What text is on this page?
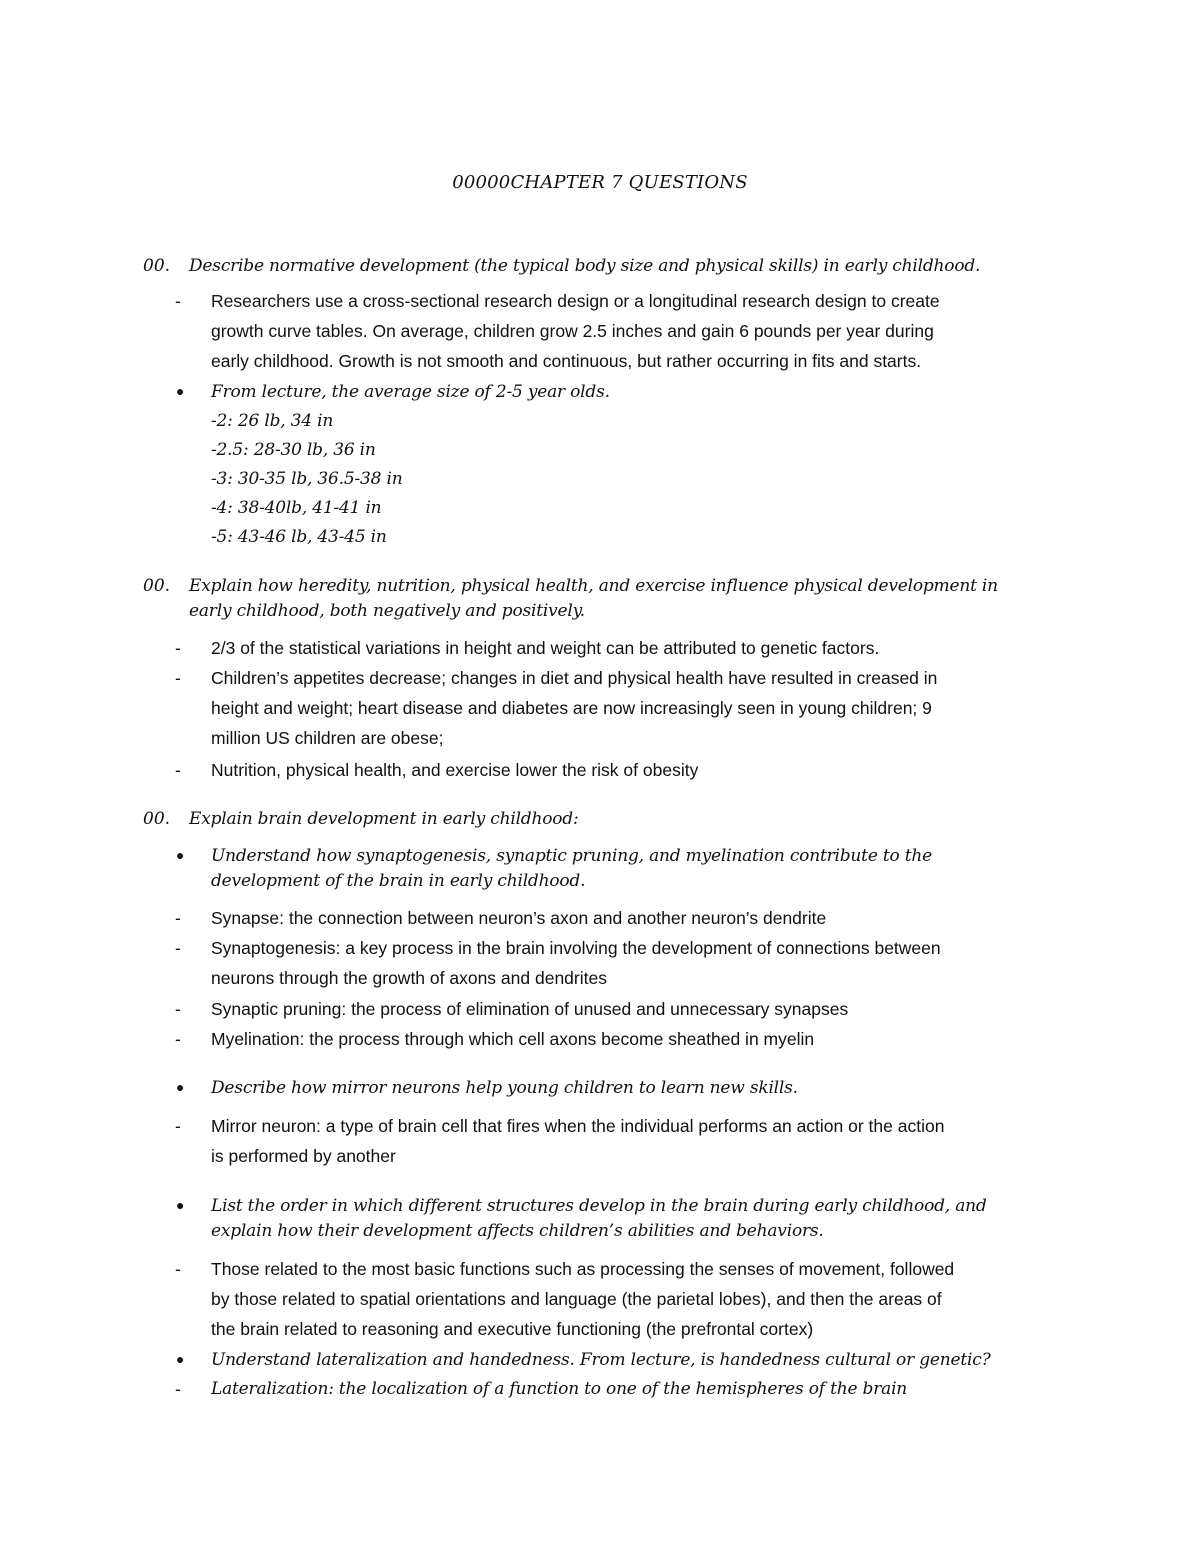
00000CHAPTER 7 QUESTIONS
00. Describe normative development (the typical body size and physical skills) in early childhood.
- Researchers use a cross-sectional research design or a longitudinal research design to create
growth curve tables. On average, children grow 2.5 inches and gain 6 pounds per year during
early childhood. Growth is not smooth and continuous, but rather occurring in fits and starts.
● From lecture, the average size of 2-5 year olds.
-2: 26 lb, 34 in
-2.5: 28-30 lb, 36 in
-3: 30-35 lb, 36.5-38 in
-4: 38-40lb, 41-41 in
-5: 43-46 lb, 43-45 in
00. Explain how heredity, nutrition, physical health, and exercise influence physical development in
early childhood, both negatively and positively.
- 2/3 of the statistical variations in height and weight can be attributed to genetic factors.
- Children’s appetites decrease; changes in diet and physical health have resulted in creased in
height and weight; heart disease and diabetes are now increasingly seen in young children; 9
million US children are obese;
- Nutrition, physical health, and exercise lower the risk of obesity
00. Explain brain development in early childhood:
● Understand how synaptogenesis, synaptic pruning, and myelination contribute to the
development of the brain in early childhood.
- Synapse: the connection between neuron’s axon and another neuron’s dendrite
- Synaptogenesis: a key process in the brain involving the development of connections between
neurons through the growth of axons and dendrites
- Synaptic pruning: the process of elimination of unused and unnecessary synapses
- Myelination: the process through which cell axons become sheathed in myelin
● Describe how mirror neurons help young children to learn new skills.
- Mirror neuron: a type of brain cell that fires when the individual performs an action or the action
is performed by another
● List the order in which different structures develop in the brain during early childhood, and
explain how their development affects children’s abilities and behaviors.
- Those related to the most basic functions such as processing the senses of movement, followed
by those related to spatial orientations and language (the parietal lobes), and then the areas of
the brain related to reasoning and executive functioning (the prefrontal cortex)
● Understand lateralization and handedness. From lecture, is handedness cultural or genetic?
- Lateralization: the localization of a function to one of the hemispheres of the brain
